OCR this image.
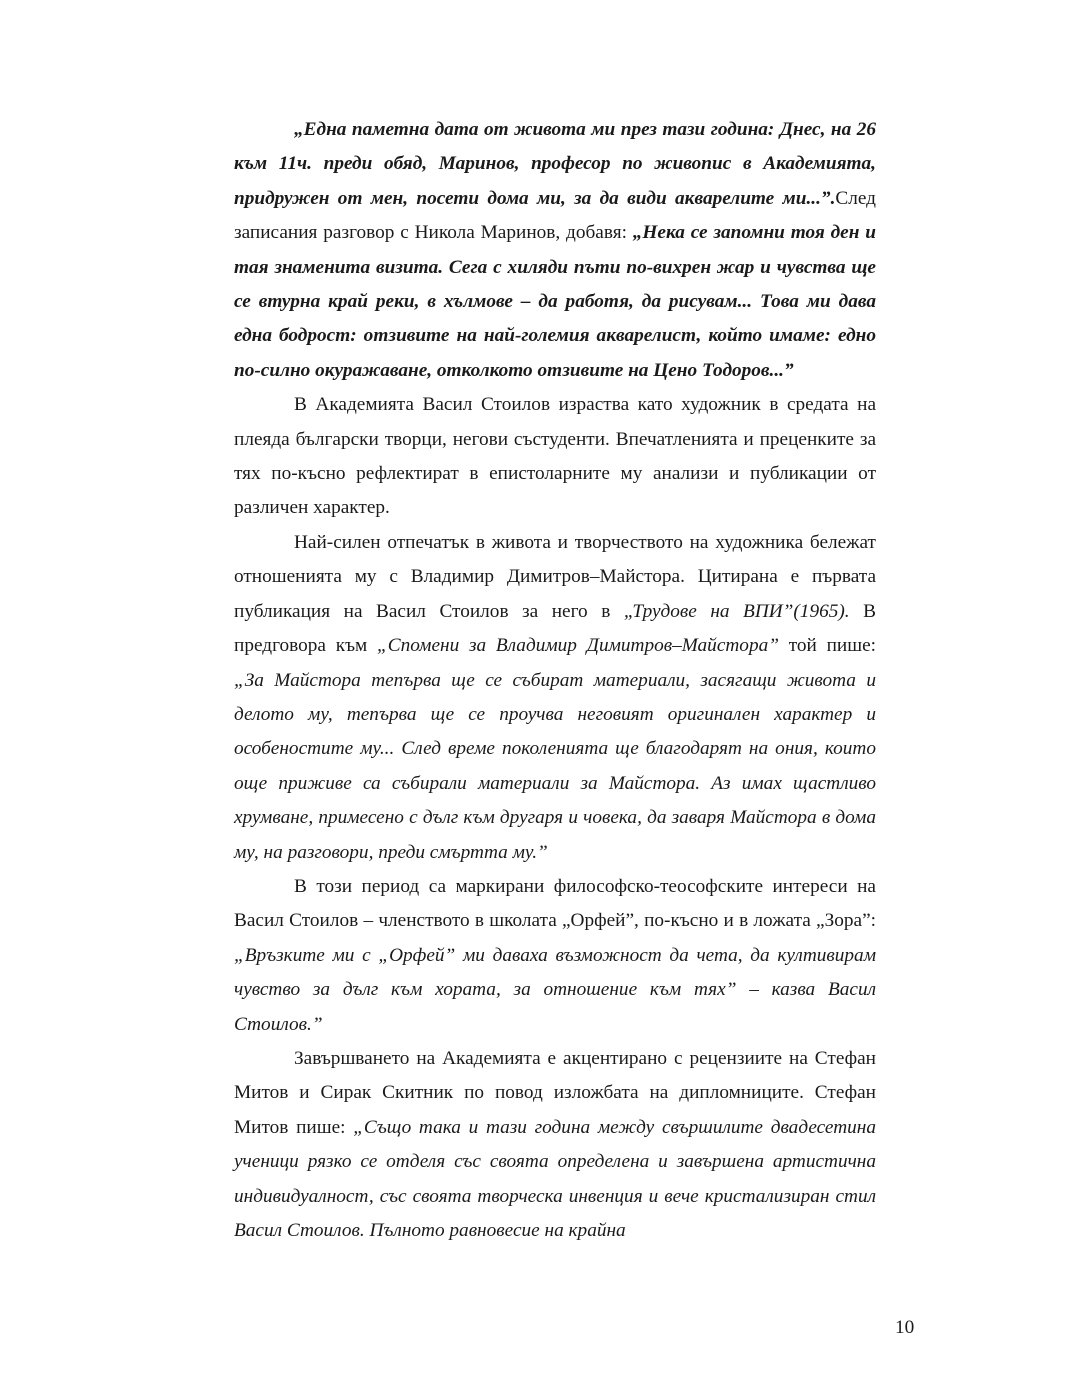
„Една паметна дата от живота ми през тази година: Днес, на 26 към 11ч. преди обяд, Маринов, професор по живопис в Академията, придружен от мен, посети дома ми, за да види акварелите ми...”.След записания разговор с Никола Маринов, добавя: „Нека се запомни тоя ден и тая знаменита визита. Сега с хиляди пъти по-вихрен жар и чувства ще се втурна край реки, в хълмове – да работя, да рисувам... Това ми дава една бодрост: отзивите на най-големия акварелист, който имаме: едно по-силно окуражаване, отколкото отзивите на Цено Тодоров...”

В Академията Васил Стоилов израства като художник в средата на плеяда български творци, негови състуденти. Впечатленията и преценките за тях по-късно рефлектират в епистоларните му анализи и публикации от различен характер.

Най-силен отпечатък в живота и творчеството на художника бележат отношенията му с Владимир Димитров–Майстора. Цитирана е първата публикация на Васил Стоилов за него в „Трудове на ВПИ”(1965). В предговора към „Спомени за Владимир Димитров–Майстора” той пише: „За Майстора тепърва ще се събират материали, засягащи живота и делото му, тепърва ще се проучва неговият оригинален характер и особеностите му... След време поколенията ще благодарят на ония, които още приживе са събирали материали за Майстора. Аз имах щастливо хрумване, примесено с дълг към другаря и човека, да заваря Майстора в дома му, на разговори, преди смъртта му.”

В този период са маркирани философско-теософските интереси на Васил Стоилов – членството в школата „Орфей”, по-късно и в ложата „Зора”: „Връзките ми с „Орфей” ми даваха възможност да чета, да култивирам чувство за дълг към хората, за отношение към тях” – казва Васил Стоилов.”

Завършването на Академията е акцентирано с рецензиите на Стефан Митов и Сирак Скитник по повод изложбата на дипломниците. Стефан Митов пише: „Също така и тази година между свършилите двадесетина ученици рязко се отделя със своята определена и завършена артистична индивидуалност, със своята творческа инвенция и вече кристализиран стил Васил Стоилов. Пълното равновесие на крайна

10
